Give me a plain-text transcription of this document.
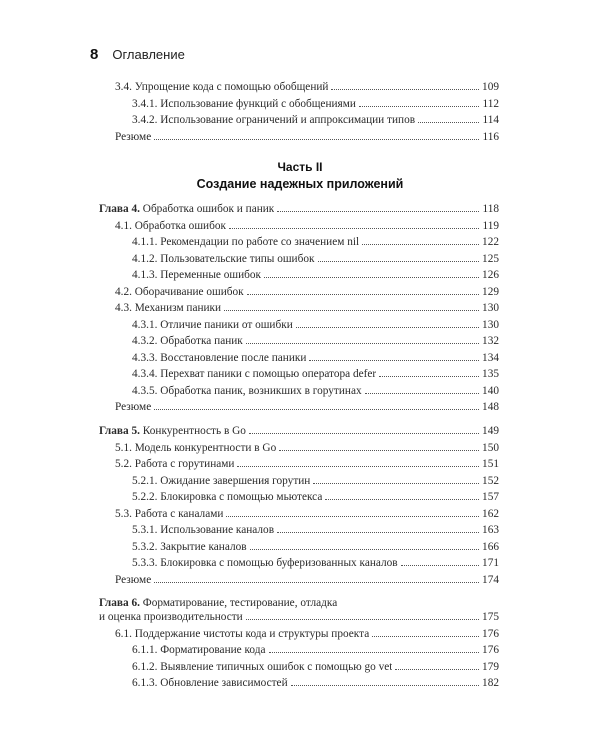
8 Оглавление
3.4. Упрощение кода с помощью обобщений	109
3.4.1. Использование функций с обобщениями	112
3.4.2. Использование ограничений и аппроксимации типов	114
Резюме	116
Часть II
Создание надежных приложений
Глава 4. Обработка ошибок и паник	118
4.1. Обработка ошибок	119
4.1.1. Рекомендации по работе со значением nil	122
4.1.2. Пользовательские типы ошибок	125
4.1.3. Переменные ошибок	126
4.2. Оборачивание ошибок	129
4.3. Механизм паники	130
4.3.1. Отличие паники от ошибки	130
4.3.2. Обработка паник	132
4.3.3. Восстановление после паники	134
4.3.4. Перехват паники с помощью оператора defer	135
4.3.5. Обработка паник, возникших в горутинах	140
Резюме	148
Глава 5. Конкурентность в Go	149
5.1. Модель конкурентности в Go	150
5.2. Работа с горутинами	151
5.2.1. Ожидание завершения горутин	152
5.2.2. Блокировка с помощью мьютекса	157
5.3. Работа с каналами	162
5.3.1. Использование каналов	163
5.3.2. Закрытие каналов	166
5.3.3. Блокировка с помощью буферизованных каналов	171
Резюме	174
Глава 6. Форматирование, тестирование, отладка
и оценка производительности	175
6.1. Поддержание чистоты кода и структуры проекта	176
6.1.1. Форматирование кода	176
6.1.2. Выявление типичных ошибок с помощью go vet	179
6.1.3. Обновление зависимостей	182
